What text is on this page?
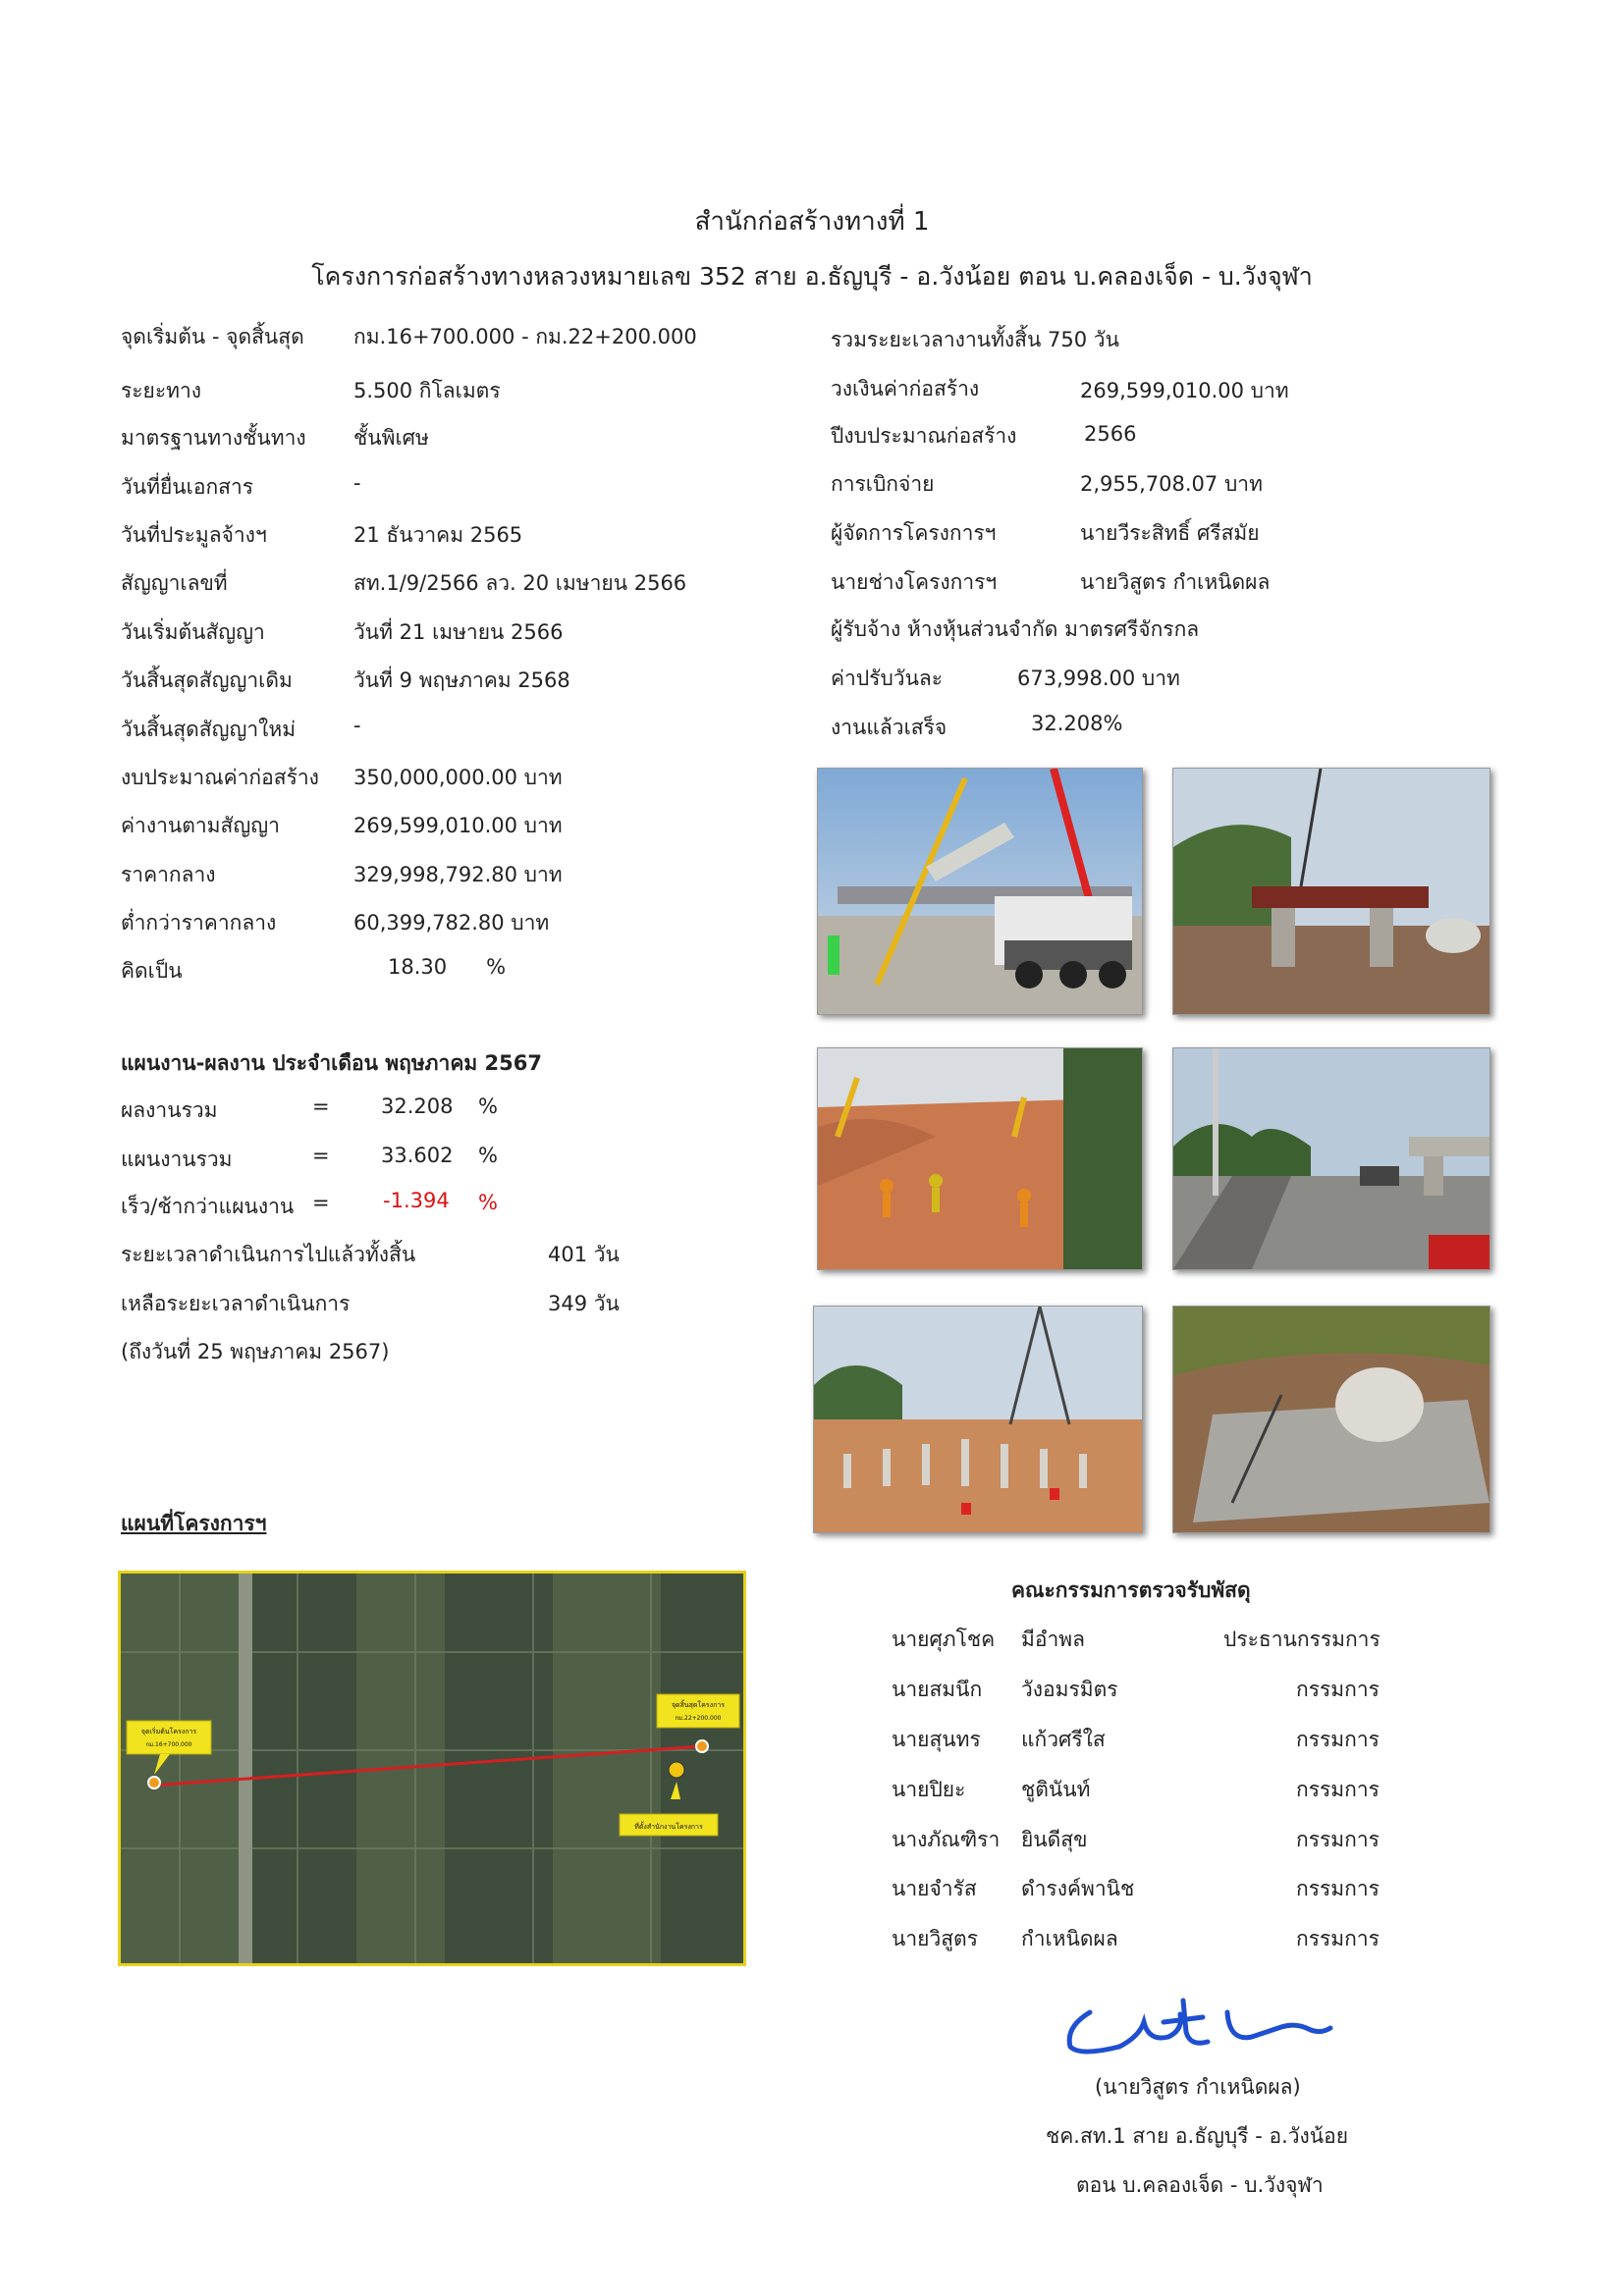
สำนักก่อสร้างทางที่ 1
โครงการก่อสร้างทางหลวงหมายเลข 352 สาย อ.ธัญบุรี - อ.วังน้อย ตอน บ.คลองเจ็ด - บ.วังจุฬา
จุดเริ่มต้น - จุดสิ้นสุด กม.16+700.000 - กม.22+200.000
ระยะทาง	5.500 กิโลเมตร
มาตรฐานทางชั้นทาง ชั้นพิเศษ
วันที่ยื่นเอกสาร	-
วันที่ประมูลจ้างฯ	21 ธันวาคม 2565
สัญญาเลขที่	สท.1/9/2566 ลว. 20 เมษายน 2566
วันเริ่มต้นสัญญา	วันที่ 21 เมษายน 2566
วันสิ้นสุดสัญญาเดิม	วันที่ 9 พฤษภาคม 2568
วันสิ้นสุดสัญญาใหม่	-
งบประมาณค่าก่อสร้าง 350,000,000.00 บาท
ค่างานตามสัญญา	269,599,010.00 บาท
ราคากลาง	329,998,792.80 บาท
ต่ำกว่าราคากลาง	60,399,782.80 บาท
คิดเป็น	18.30      %
รวมระยะเวลางานทั้งสิ้น 750 วัน
วงเงินค่าก่อสร้าง	269,599,010.00 บาท
ปีงบประมาณก่อสร้าง	2566
การเบิกจ่าย	2,955,708.07 บาท
ผู้จัดการโครงการฯ	นายวีระสิทธิ์ ศรีสมัย
นายช่างโครงการฯ	นายวิสูตร กำเหนิดผล
ผู้รับจ้าง ห้างหุ้นส่วนจำกัด มาตรศรีจักรกล
ค่าปรับวันละ	673,998.00 บาท
งานแล้วเสร็จ	32.208%
แผนงาน-ผลงาน ประจำเดือน พฤษภาคม 2567
ผลงานรวม	= 32.208 %
แผนงานรวม	= 33.602 %
เร็ว/ช้ากว่าแผนงาน =	-1.394 %
ระยะเวลาดำเนินการไปแล้วทั้งสิ้น	401 วัน
เหลือระยะเวลาดำเนินการ	349 วัน
(ถึงวันที่ 25 พฤษภาคม 2567)
แผนที่โครงการฯ
จุดเริ่มต้นโครงการ
กม.16+700.000
จุดสิ้นสุดโครงการ
กม.22+200.000
ที่ตั้งสำนักงานโครงการ
คณะกรรมการตรวจรับพัสดุ
นายศุภโชค มีอำพล	ประธานกรรมการ
นายสมนึก วังอมรมิตร	กรรมการ
นายสุนทร แก้วศรีใส	กรรมการ
นายปิยะ	ชูตินันท์	กรรมการ
นางภัณฑิรา ยินดีสุข	กรรมการ
นายจำรัส ดำรงค์พานิช	กรรมการ
นายวิสูตร กำเหนิดผล	กรรมการ
(นายวิสูตร กำเหนิดผล)
ชค.สท.1 สาย อ.ธัญบุรี - อ.วังน้อย
ตอน บ.คลองเจ็ด - บ.วังจุฬา
